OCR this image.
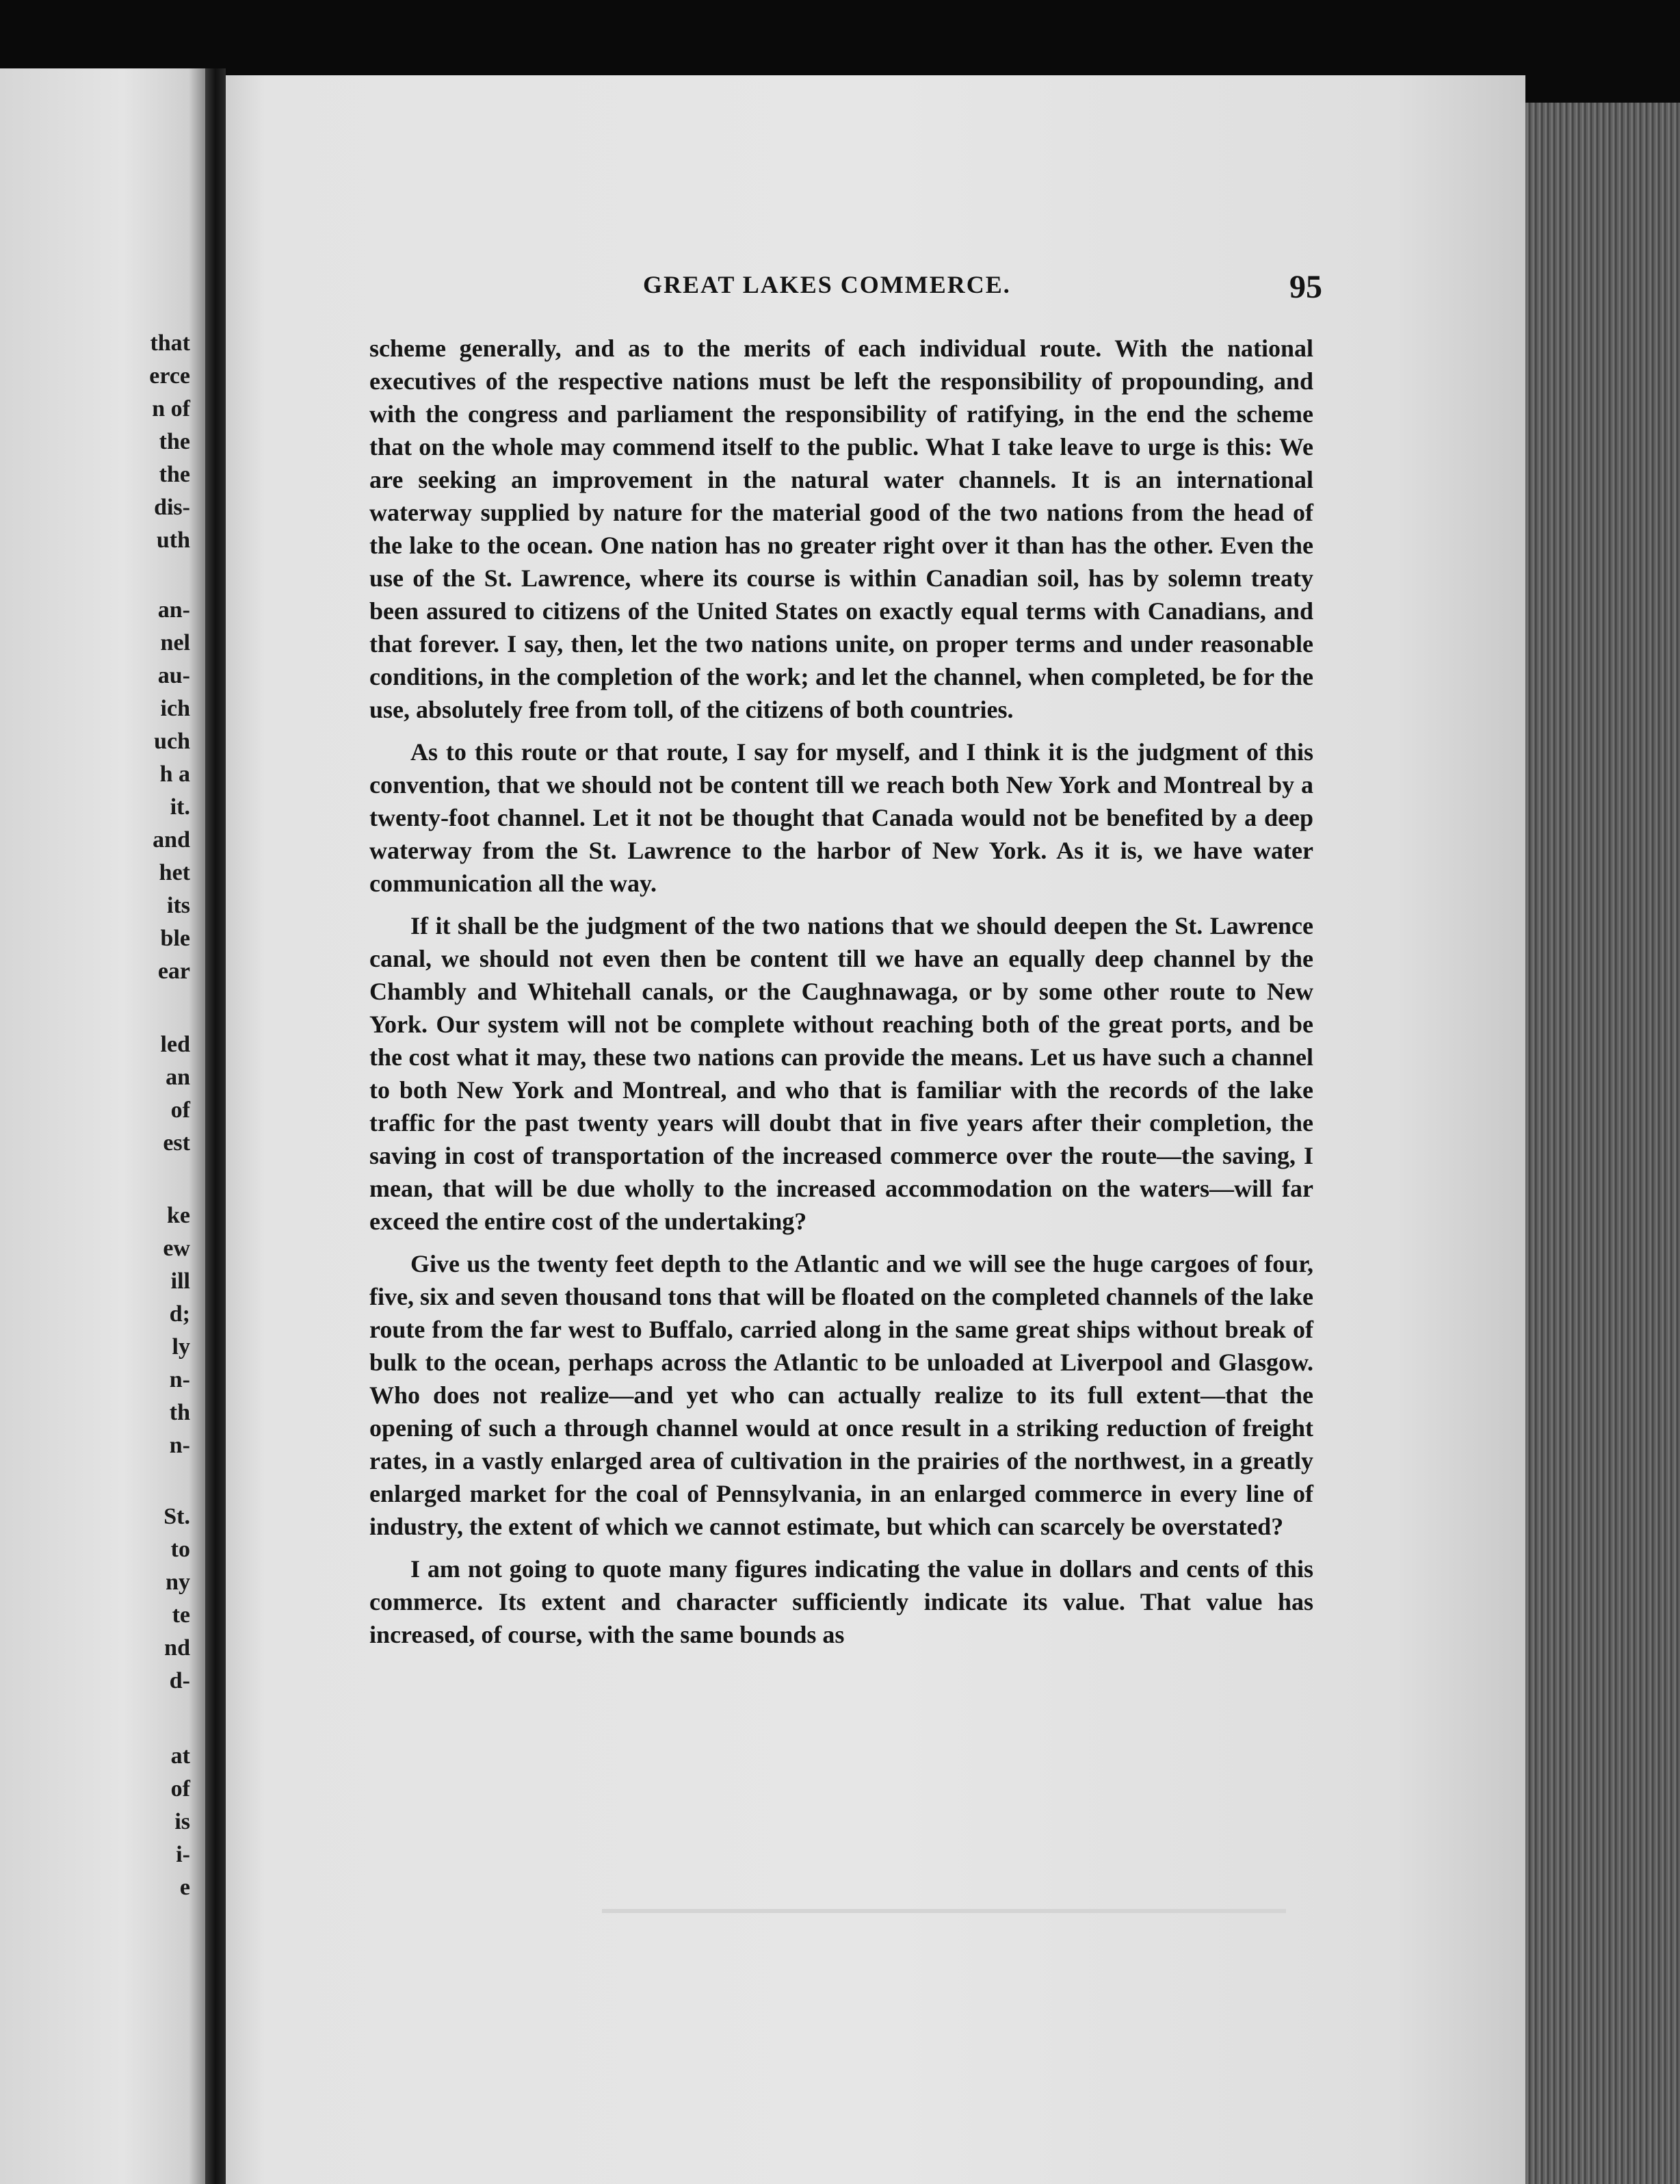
that
erce
n of
the
the
dis-
uth
an-
nel
au-
ich
uch
h a
it.
and
het
its
ble
ear
led
an
of
est
ke
ew
ill
d;
ly
n-
th
n-
St.
to
ny
te
nd
d-
at
of
is
i-
e
GREAT LAKES COMMERCE.	95

scheme generally, and as to the merits of each individual route. With the national executives of the respective nations must be left the responsibility of propounding, and with the congress and parliament the responsibility of ratifying, in the end the scheme that on the whole may commend itself to the public. What I take leave to urge is this: We are seeking an improvement in the natural water channels. It is an international waterway supplied by nature for the material good of the two nations from the head of the lake to the ocean. One nation has no greater right over it than has the other. Even the use of the St. Lawrence, where its course is within Canadian soil, has by solemn treaty been assured to citizens of the United States on exactly equal terms with Canadians, and that forever. I say, then, let the two nations unite, on proper terms and under reasonable conditions, in the completion of the work; and let the channel, when completed, be for the use, absolutely free from toll, of the citizens of both countries.

As to this route or that route, I say for myself, and I think it is the judgment of this convention, that we should not be content till we reach both New York and Montreal by a twenty-foot channel. Let it not be thought that Canada would not be benefited by a deep waterway from the St. Lawrence to the harbor of New York. As it is, we have water communication all the way.

If it shall be the judgment of the two nations that we should deepen the St. Lawrence canal, we should not even then be content till we have an equally deep channel by the Chambly and Whitehall canals, or the Caughnawaga, or by some other route to New York. Our system will not be complete without reaching both of the great ports, and be the cost what it may, these two nations can provide the means. Let us have such a channel to both New York and Montreal, and who that is familiar with the records of the lake traffic for the past twenty years will doubt that in five years after their completion, the saving in cost of transportation of the increased commerce over the route—the saving, I mean, that will be due wholly to the increased accommodation on the waters—will far exceed the entire cost of the undertaking?

Give us the twenty feet depth to the Atlantic and we will see the huge cargoes of four, five, six and seven thousand tons that will be floated on the completed channels of the lake route from the far west to Buffalo, carried along in the same great ships without break of bulk to the ocean, perhaps across the Atlantic to be unloaded at Liverpool and Glasgow. Who does not realize—and yet who can actually realize to its full extent—that the opening of such a through channel would at once result in a striking reduction of freight rates, in a vastly enlarged area of cultivation in the prairies of the northwest, in a greatly enlarged market for the coal of Pennsylvania, in an enlarged commerce in every line of industry, the extent of which we cannot estimate, but which can scarcely be overstated?

I am not going to quote many figures indicating the value in dollars and cents of this commerce. Its extent and character sufficiently indicate its value. That value has increased, of course, with the same bounds as
